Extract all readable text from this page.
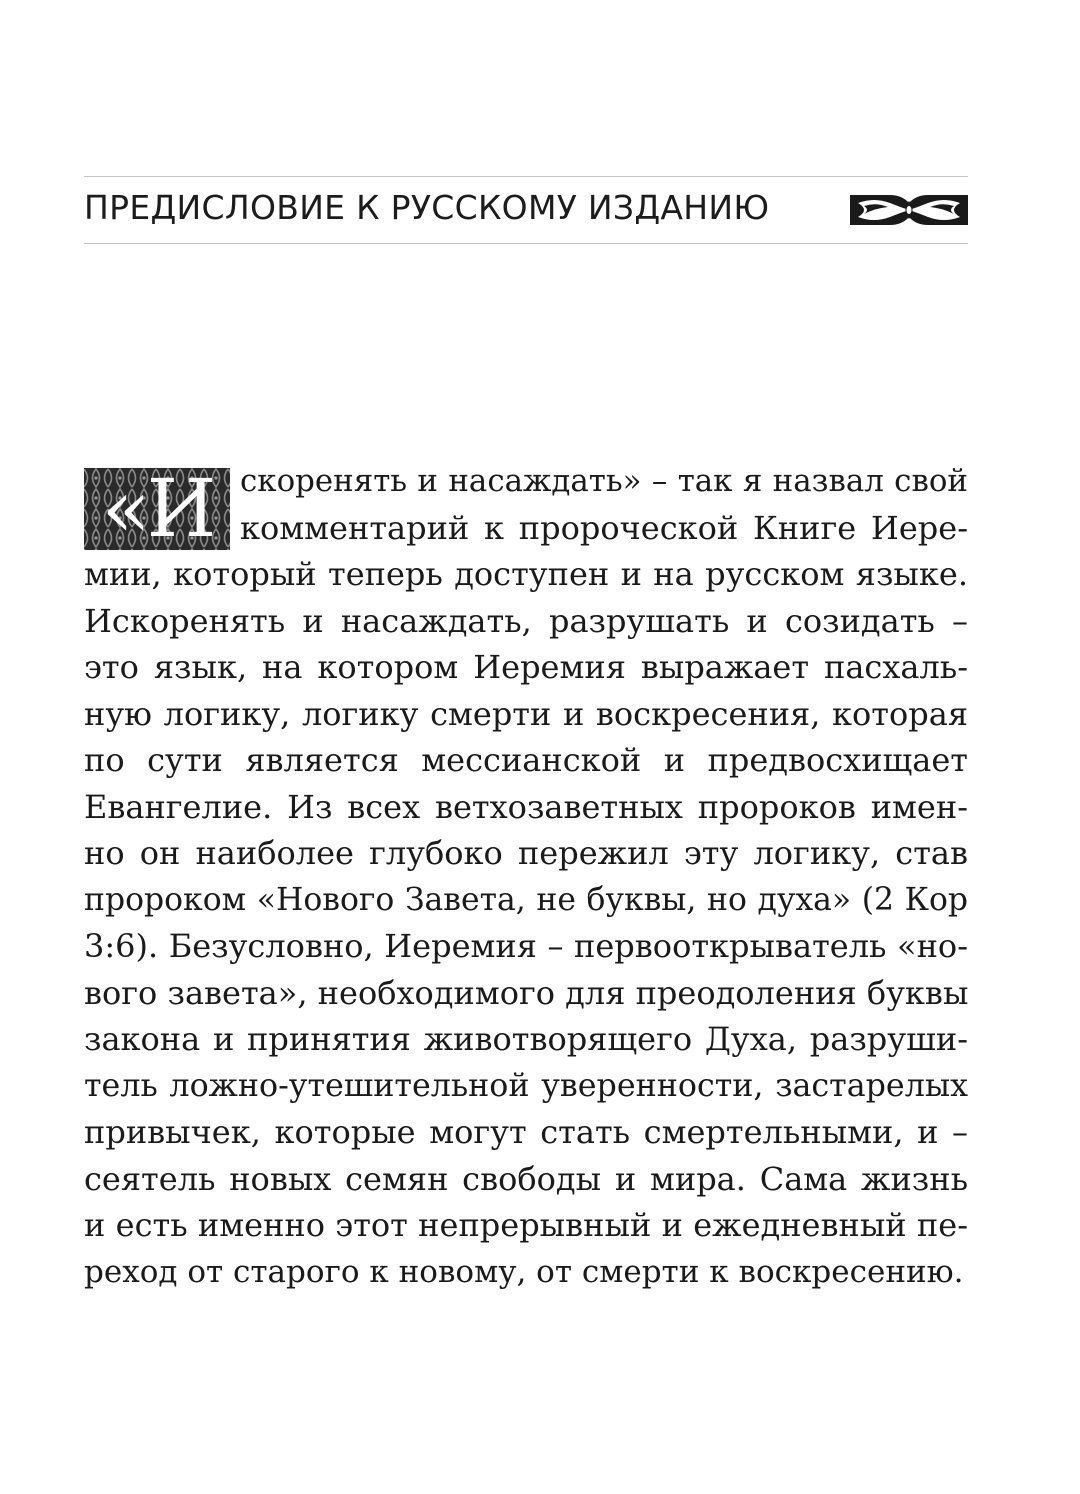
ПРЕДИСЛОВИЕ К РУССКОМУ ИЗДАНИЮ
«И скоренять и насаждать» – так я назвал свой
комментарий к пророческой Книге Иере-
мии, который теперь доступен и на русском языке.
Искоренять и насаждать, разрушать и созидать –
это язык, на котором Иеремия выражает пасхаль-
ную логику, логику смерти и воскресения, которая
по сути является мессианской и предвосхищает
Евангелие. Из всех ветхозаветных пророков имен-
но он наиболее глубоко пережил эту логику, став
пророком «Нового Завета, не буквы, но духа» (2 Кор
3:6). Безусловно, Иеремия – первооткрыватель «но-
вого завета», необходимого для преодоления буквы
закона и принятия животворящего Духа, разруши-
тель ложно-утешительной уверенности, застарелых
привычек, которые могут стать смертельными, и –
сеятель новых семян свободы и мира. Сама жизнь
и есть именно этот непрерывный и ежедневный пе-
реход от старого к новому, от смерти к воскресению.
